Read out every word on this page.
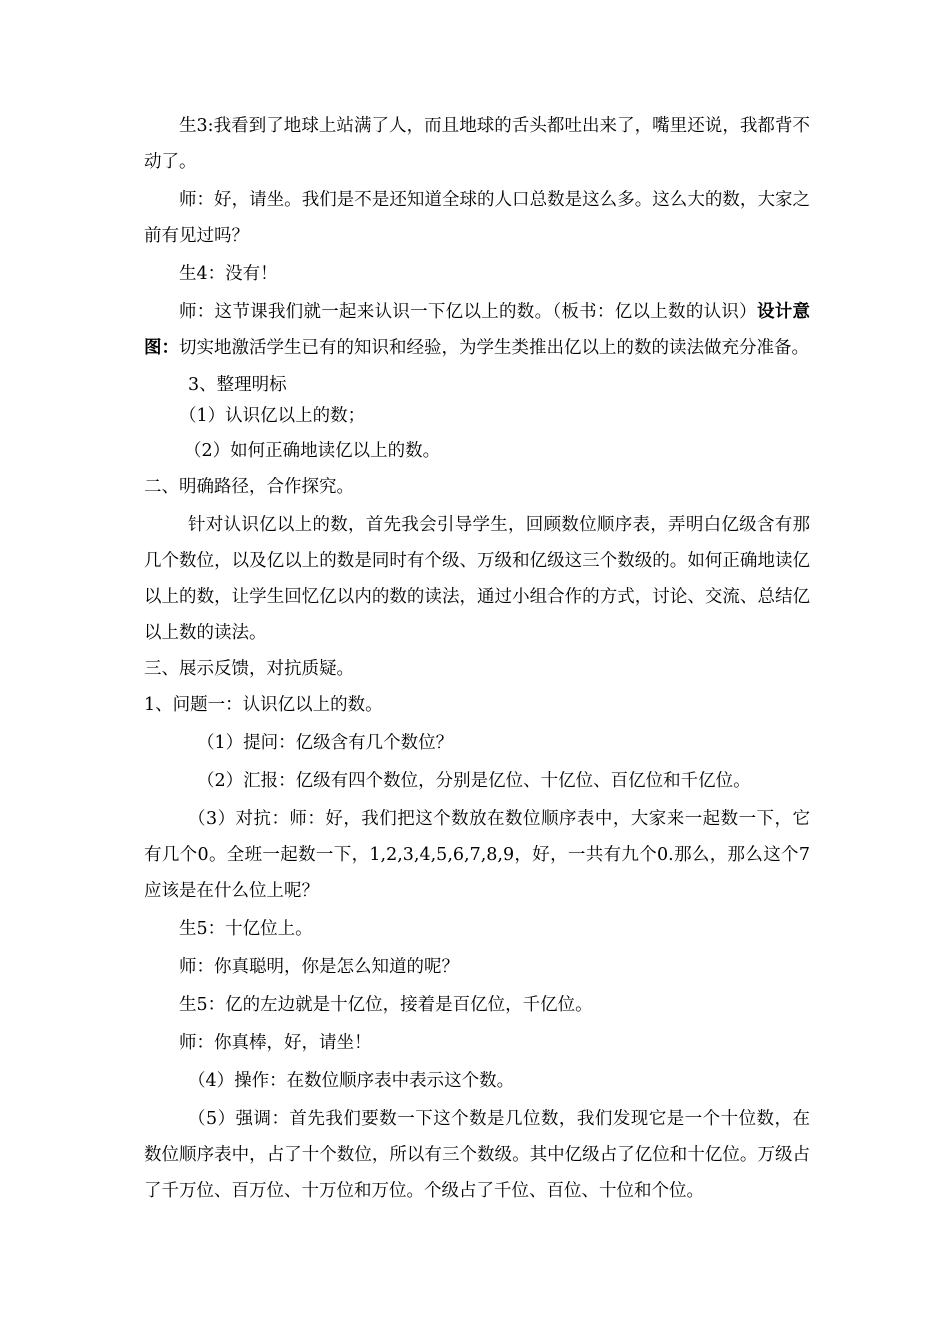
生3:我看到了地球上站满了人，而且地球的舌头都吐出来了，嘴里还说，我都背不动了。

师：好，请坐。我们是不是还知道全球的人口总数是这么多。这么大的数，大家之前有见过吗？

生4：没有！

师：这节课我们就一起来认识一下亿以上的数。（板书：亿以上数的认识）设计意图：切实地激活学生已有的知识和经验，为学生类推出亿以上的数的读法做充分准备。

3、整理明标

（1）认识亿以上的数；

（2）如何正确地读亿以上的数。

二、明确路径，合作探究。

针对认识亿以上的数，首先我会引导学生，回顾数位顺序表，弄明白亿级含有那几个数位，以及亿以上的数是同时有个级、万级和亿级这三个数级的。如何正确地读亿以上的数，让学生回忆亿以内的数的读法，通过小组合作的方式，讨论、交流、总结亿以上数的读法。

三、展示反馈，对抗质疑。

1、问题一：认识亿以上的数。

（1）提问：亿级含有几个数位？

（2）汇报：亿级有四个数位，分别是亿位、十亿位、百亿位和千亿位。

（3）对抗：师：好，我们把这个数放在数位顺序表中，大家来一起数一下，它有几个0。全班一起数一下，1,2,3,4,5,6,7,8,9，好，一共有九个0.那么，那么这个7应该是在什么位上呢？

生5：十亿位上。

师：你真聪明，你是怎么知道的呢？

生5：亿的左边就是十亿位，接着是百亿位，千亿位。

师：你真棒，好，请坐！

（4）操作：在数位顺序表中表示这个数。

（5）强调：首先我们要数一下这个数是几位数，我们发现它是一个十位数，在数位顺序表中，占了十个数位，所以有三个数级。其中亿级占了亿位和十亿位。万级占了千万位、百万位、十万位和万位。个级占了千位、百位、十位和个位。
